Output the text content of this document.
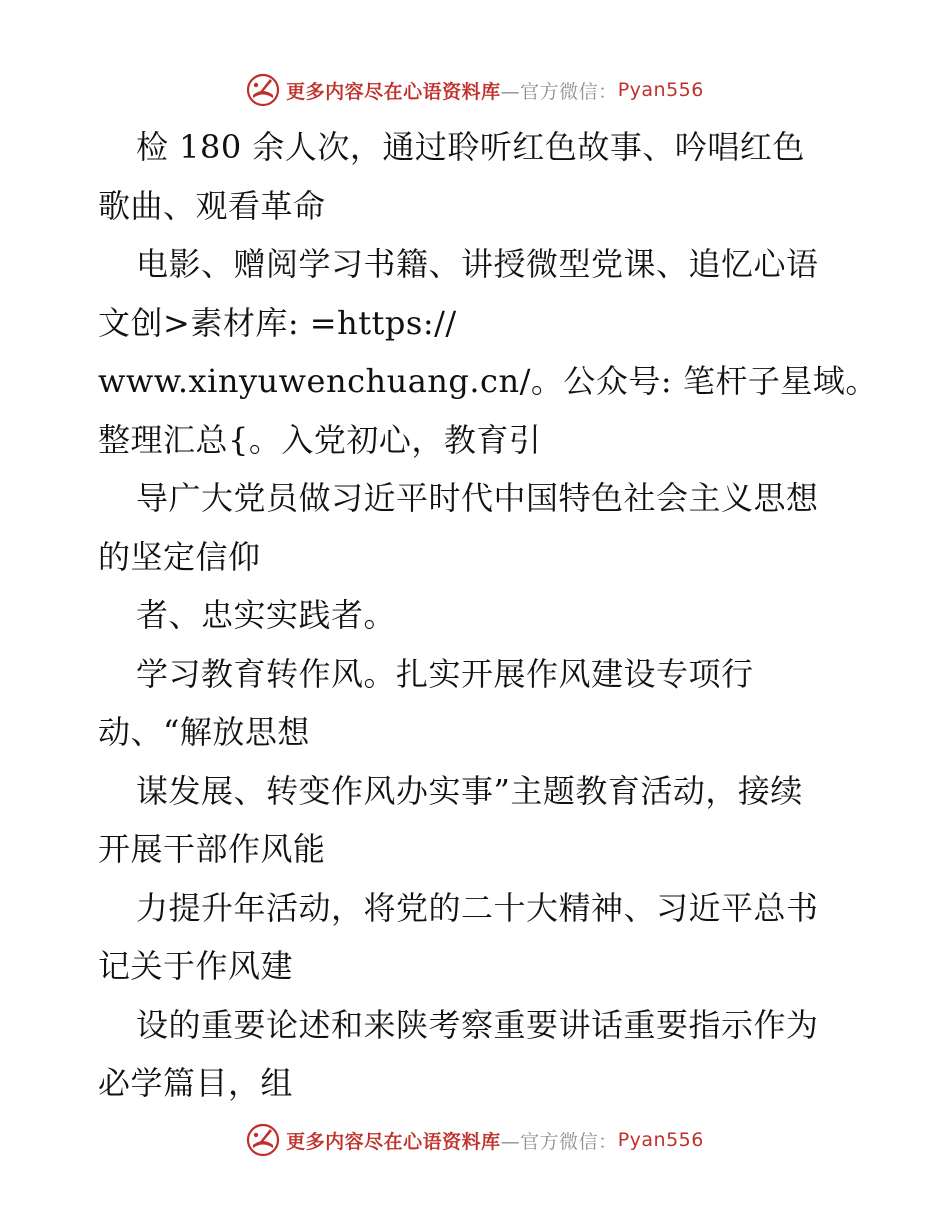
更多内容尽在心语资料库 —官方微信： Pyan556
检 180 余人次，通过聆听红色故事、吟唱红色
歌曲、观看革命
电影、赠阅学习书籍、讲授微型党课、追忆心语
文创>素材库: =https://
www.xinyuwenchuang.cn/。公众号: 笔杆子星域。
整理汇总{。入党初心，教育引
导广大党员做习近平时代中国特色社会主义思想
的坚定信仰
者、忠实实践者。
学习教育转作风。扎实开展作风建设专项行
动、“解放思想
谋发展、转变作风办实事”主题教育活动，接续
开展干部作风能
力提升年活动，将党的二十大精神、习近平总书
记关于作风建
设的重要论述和来陕考察重要讲话重要指示作为
必学篇目，组
更多内容尽在心语资料库 —官方微信： Pyan556
